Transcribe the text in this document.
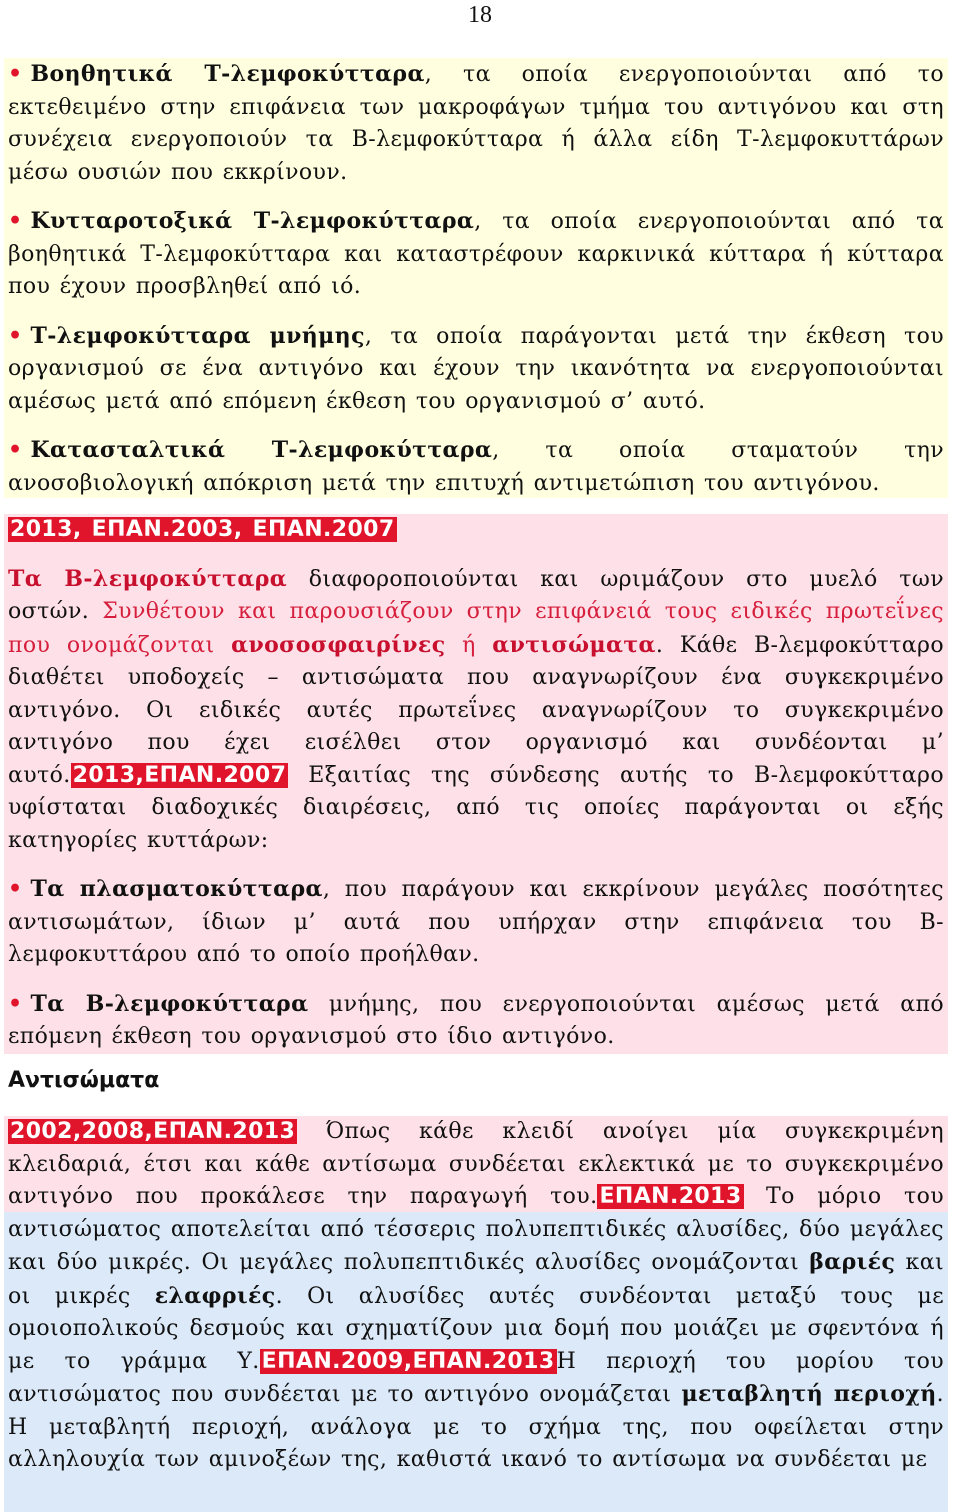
18

• Βοηθητικά Τ-λεμφοκύτταρα, τα οποία ενεργοποιούνται από το εκτεθειμένο στην επιφάνεια των μακροφάγων τμήμα του αντιγόνου και στη συνέχεια ενεργοποιούν τα Β-λεμφοκύτταρα ή άλλα είδη Τ-λεμφοκυττάρων μέσω ουσιών που εκκρίνουν.

• Κυτταροτοξικά Τ-λεμφοκύτταρα, τα οποία ενεργοποιούνται από τα βοηθητικά Τ-λεμφοκύτταρα και καταστρέφουν καρκινικά κύτταρα ή κύτταρα που έχουν προσβληθεί από ιό.

• Τ-λεμφοκύτταρα μνήμης, τα οποία παράγονται μετά την έκθεση του οργανισμού σε ένα αντιγόνο και έχουν την ικανότητα να ενεργοποιούνται αμέσως μετά από επόμενη έκθεση του οργανισμού σ’ αυτό.

• Κατασταλτικά Τ-λεμφοκύτταρα, τα οποία σταματούν την ανοσοβιολογική απόκριση μετά την επιτυχή αντιμετώπιση του αντιγόνου.

2013, ΕΠΑΝ.2003, ΕΠΑΝ.2007

Τα Β-λεμφοκύτταρα διαφοροποιούνται και ωριμάζουν στο μυελό των οστών. Συνθέτουν και παρουσιάζουν στην επιφάνειά τους ειδικές πρωτεΐνες που ονομάζονται ανοσοσφαιρίνες ή αντισώματα. Κάθε Β-λεμφοκύτταρο διαθέτει υποδοχείς – αντισώματα που αναγνωρίζουν ένα συγκεκριμένο αντιγόνο. Οι ειδικές αυτές πρωτεΐνες αναγνωρίζουν το συγκεκριμένο αντιγόνο που έχει εισέλθει στον οργανισμό και συνδέονται μ’ αυτό.2013,ΕΠΑΝ.2007 Εξαιτίας της σύνδεσης αυτής το Β-λεμφοκύτταρο υφίσταται διαδοχικές διαιρέσεις, από τις οποίες παράγονται οι εξής κατηγορίες κυττάρων:

• Τα πλασματοκύτταρα, που παράγουν και εκκρίνουν μεγάλες ποσότητες αντισωμάτων, ίδιων μ’ αυτά που υπήρχαν στην επιφάνεια του Β-λεμφοκυττάρου από το οποίο προήλθαν.

• Τα Β-λεμφοκύτταρα μνήμης, που ενεργοποιούνται αμέσως μετά από επόμενη έκθεση του οργανισμού στο ίδιο αντιγόνο.

Αντισώματα

2002,2008,ΕΠΑΝ.2013 Όπως κάθε κλειδί ανοίγει μία συγκεκριμένη κλειδαριά, έτσι και κάθε αντίσωμα συνδέεται εκλεκτικά με το συγκεκριμένο αντιγόνο που προκάλεσε την παραγωγή του.ΕΠΑΝ.2013 Το μόριο του αντισώματος αποτελείται από τέσσερις πολυπεπτιδικές αλυσίδες, δύο μεγάλες και δύο μικρές. Οι μεγάλες πολυπεπτιδικές αλυσίδες ονομάζονται βαριές και οι μικρές ελαφριές. Οι αλυσίδες αυτές συνδέονται μεταξύ τους με ομοιοπολικούς δεσμούς και σχηματίζουν μια δομή που μοιάζει με σφεντόνα ή με το γράμμα Υ.ΕΠΑΝ.2009,ΕΠΑΝ.2013Η περιοχή του μορίου του αντισώματος που συνδέεται με το αντιγόνο ονομάζεται μεταβλητή περιοχή. Η μεταβλητή περιοχή, ανάλογα με το σχήμα της, που οφείλεται στην αλληλουχία των αμινοξέων της, καθιστά ικανό το αντίσωμα να συνδέεται με
